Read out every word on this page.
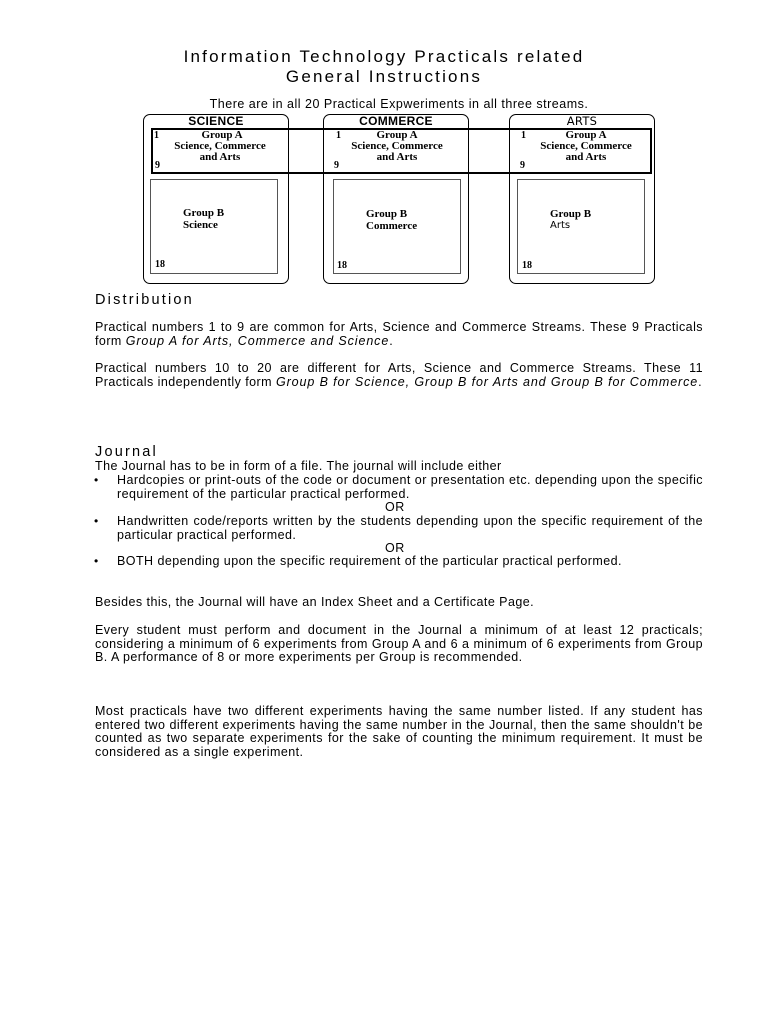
Information Technology Practicals related
General Instructions
There are in all 20 Practical Expweriments in all three streams.
SCIENCE	COMMERCE	ARTS
1
9
Group A
Science, Commerce
and Arts
1
9
Group A
Science, Commerce
and Arts
1
9
Group A
Science, Commerce
and Arts
Group B
Science
18
Group B
Commerce
18
Group B
Arts
18
Distribution
Practical numbers 1 to 9 are common for Arts, Science and Commerce Streams. These 9 Practicals form Group A for Arts, Commerce and Science.
Practical numbers 10 to 20 are different for Arts, Science and Commerce Streams. These 11 Practicals independently form Group B for Science, Group B for Arts and Group B for Commerce.
Journal
The Journal has to be in form of a file. The journal will include either
• Hardcopies or print-outs of the code or document or presentation etc. depending upon the specific requirement of the particular practical performed.
OR
• Handwritten code/reports written by the students depending upon the specific requirement of the particular practical performed.
OR
• BOTH depending upon the specific requirement of the particular practical performed.
Besides this, the Journal will have an Index Sheet and a Certificate Page.
Every student must perform and document in the Journal a minimum of at least 12 practicals; considering a minimum of 6 experiments from Group A and 6 a minimum of 6 experiments from Group B. A performance of 8 or more experiments per Group is recommended.
Most practicals have two different experiments having the same number listed. If any student has entered two different experiments having the same number in the Journal, then the same shouldn't be counted as two separate experiments for the sake of counting the minimum requirement. It must be considered as a single experiment.
